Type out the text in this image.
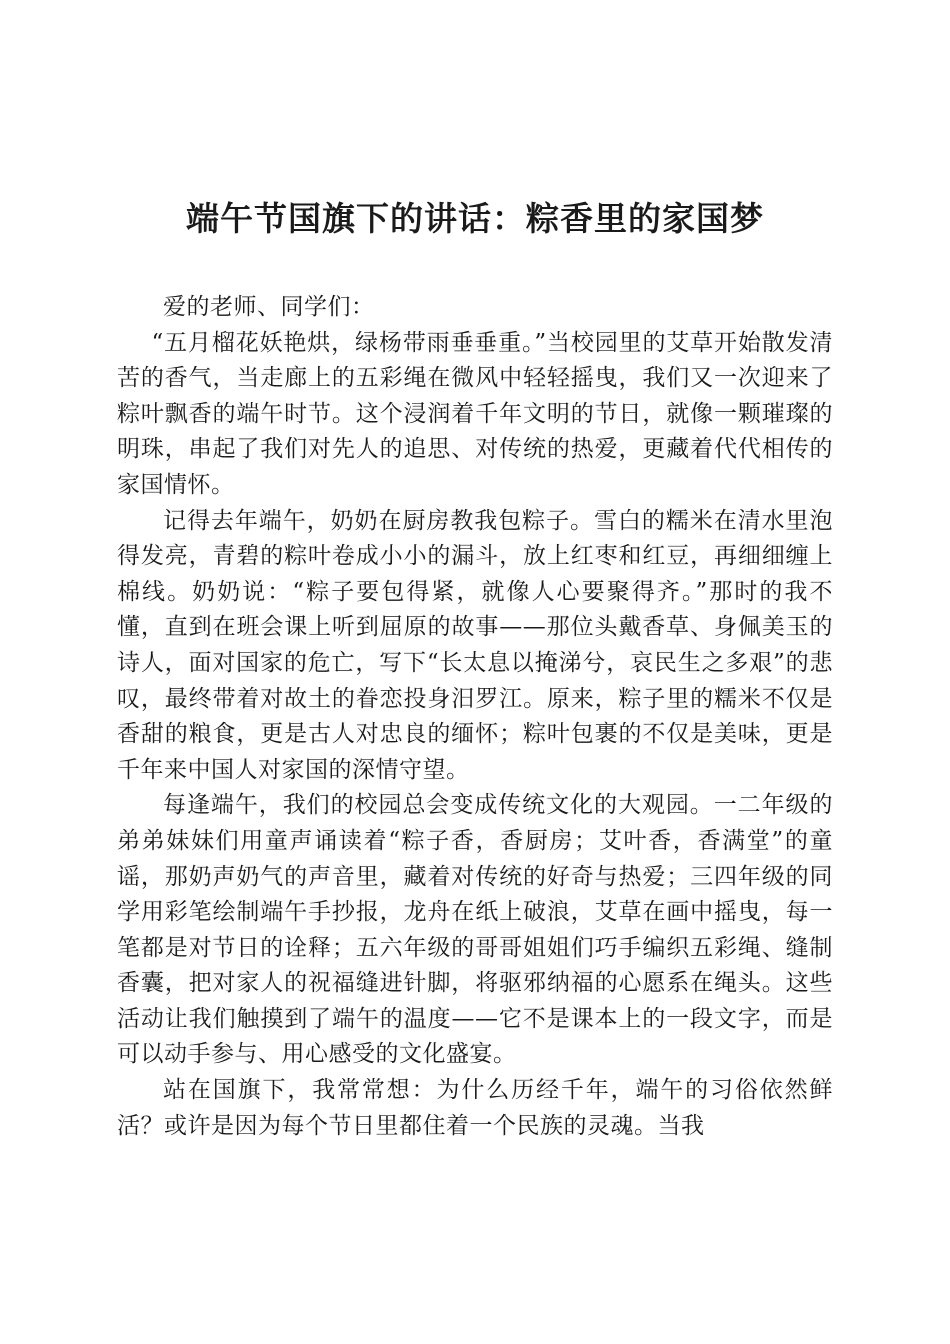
端午节国旗下的讲话：粽香里的家国梦

爱的老师、同学们：

“五月榴花妖艳烘，绿杨带雨垂垂重。”当校园里的艾草开始散发清苦的香气，当走廊上的五彩绳在微风中轻轻摇曳，我们又一次迎来了粽叶飘香的端午时节。这个浸润着千年文明的节日，就像一颗璀璨的明珠，串起了我们对先人的追思、对传统的热爱，更藏着代代相传的家国情怀。

记得去年端午，奶奶在厨房教我包粽子。雪白的糯米在清水里泡得发亮，青碧的粽叶卷成小小的漏斗，放上红枣和红豆，再细细缠上棉线。奶奶说：“粽子要包得紧，就像人心要聚得齐。”那时的我不懂，直到在班会课上听到屈原的故事——那位头戴香草、身佩美玉的诗人，面对国家的危亡，写下“长太息以掩涕兮，哀民生之多艰”的悲叹，最终带着对故土的眷恋投身汨罗江。原来，粽子里的糯米不仅是香甜的粮食，更是古人对忠良的缅怀；粽叶包裹的不仅是美味，更是千年来中国人对家国的深情守望。

每逢端午，我们的校园总会变成传统文化的大观园。一二年级的弟弟妹妹们用童声诵读着“粽子香，香厨房；艾叶香，香满堂”的童谣，那奶声奶气的声音里，藏着对传统的好奇与热爱；三四年级的同学用彩笔绘制端午手抄报，龙舟在纸上破浪，艾草在画中摇曳，每一笔都是对节日的诠释；五六年级的哥哥姐姐们巧手编织五彩绳、缝制香囊，把对家人的祝福缝进针脚，将驱邪纳福的心愿系在绳头。这些活动让我们触摸到了端午的温度——它不是课本上的一段文字，而是可以动手参与、用心感受的文化盛宴。

站在国旗下，我常常想：为什么历经千年，端午的习俗依然鲜活？或许是因为每个节日里都住着一个民族的灵魂。当我
